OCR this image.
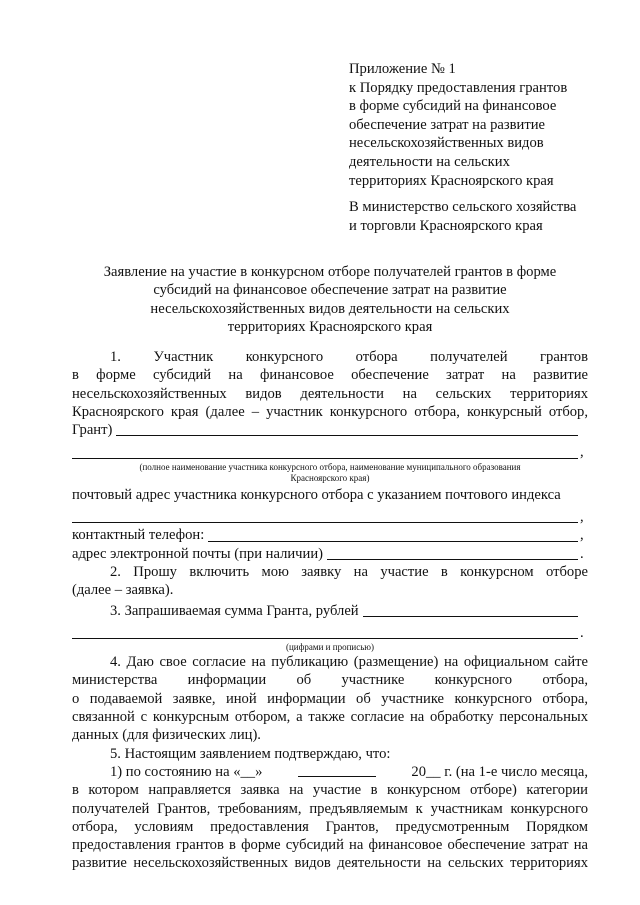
Приложение № 1
к Порядку предоставления грантов
в форме субсидий на финансовое
обеспечение затрат на развитие
несельскохозяйственных видов
деятельности на сельских
территориях Красноярского края
В министерство сельского хозяйства
и торговли Красноярского края
Заявление на участие в конкурсном отборе получателей грантов в форме
субсидий на финансовое обеспечение затрат на развитие
несельскохозяйственных видов деятельности на сельских
территориях Красноярского края
1. Участник конкурсного отбора получателей грантов
в форме субсидий на финансовое обеспечение затрат на развитие
несельскохозяйственных видов деятельности на сельских территориях
Красноярского края (далее – участник конкурсного отбора, конкурсный отбор,
Грант)
,
(полное наименование участника конкурсного отбора, наименование муниципального образования
Красноярского края)
почтовый адрес участника конкурсного отбора с указанием почтового индекса
,
контактный телефон:	,
адрес электронной почты (при наличии)	.
2. Прошу включить мою заявку на участие в конкурсном отборе
(далее – заявка).
3. Запрашиваемая сумма Гранта, рублей
.
(цифрами и прописью)
4. Даю свое согласие на публикацию (размещение) на официальном сайте
министерства информации об участнике конкурсного отбора,
о подаваемой заявке, иной информации об участнике конкурсного отбора,
связанной с конкурсным отбором, а также согласие на обработку персональных
данных (для физических лиц).
5. Настоящим заявлением подтверждаю, что:
1) по состоянию на «__»	20__ г. (на 1-е число месяца,
в котором направляется заявка на участие в конкурсном отборе) категории
получателей Грантов, требованиям, предъявляемым к участникам конкурсного
отбора, условиям предоставления Грантов, предусмотренным Порядком
предоставления грантов в форме субсидий на финансовое обеспечение затрат на
развитие несельскохозяйственных видов деятельности на сельских территориях
